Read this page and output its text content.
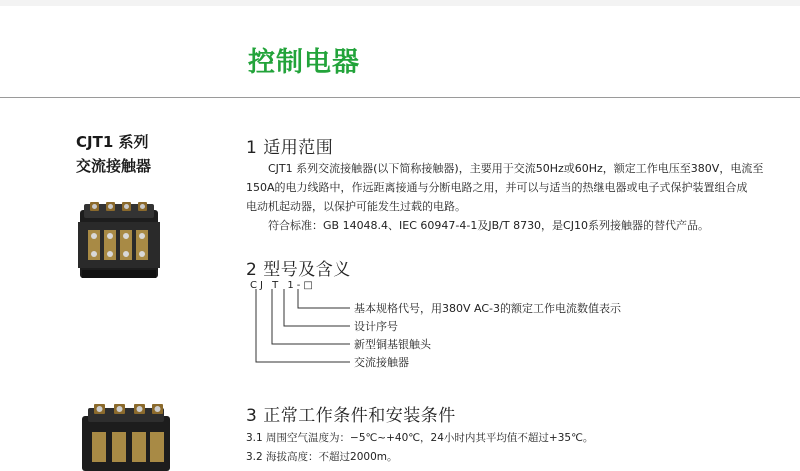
控制电器
CJT1 系列
交流接触器
1 适用范围

CJT1 系列交流接触器(以下简称接触器)，主要用于交流50Hz或60Hz，额定工作电压至380V，电流至

150A的电力线路中，作远距离接通与分断电路之用，并可以与适当的热继电器或电子式保护装置组合成

电动机起动器，以保护可能发生过载的电路。

符合标准：GB 14048.4、IEC 60947-4-1及JB/T 8730，是CJ10系列接触器的替代产品。

2 型号及含义
CJ T 1-□
基本规格代号，用380V AC-3的额定工作电流数值表示
设计序号
新型铜基银触头
交流接触器
3 正常工作条件和安装条件
3.1 周围空气温度为：−5℃~+40℃，24小时内其平均值不超过+35℃。
3.2 海拔高度：不超过2000m。
